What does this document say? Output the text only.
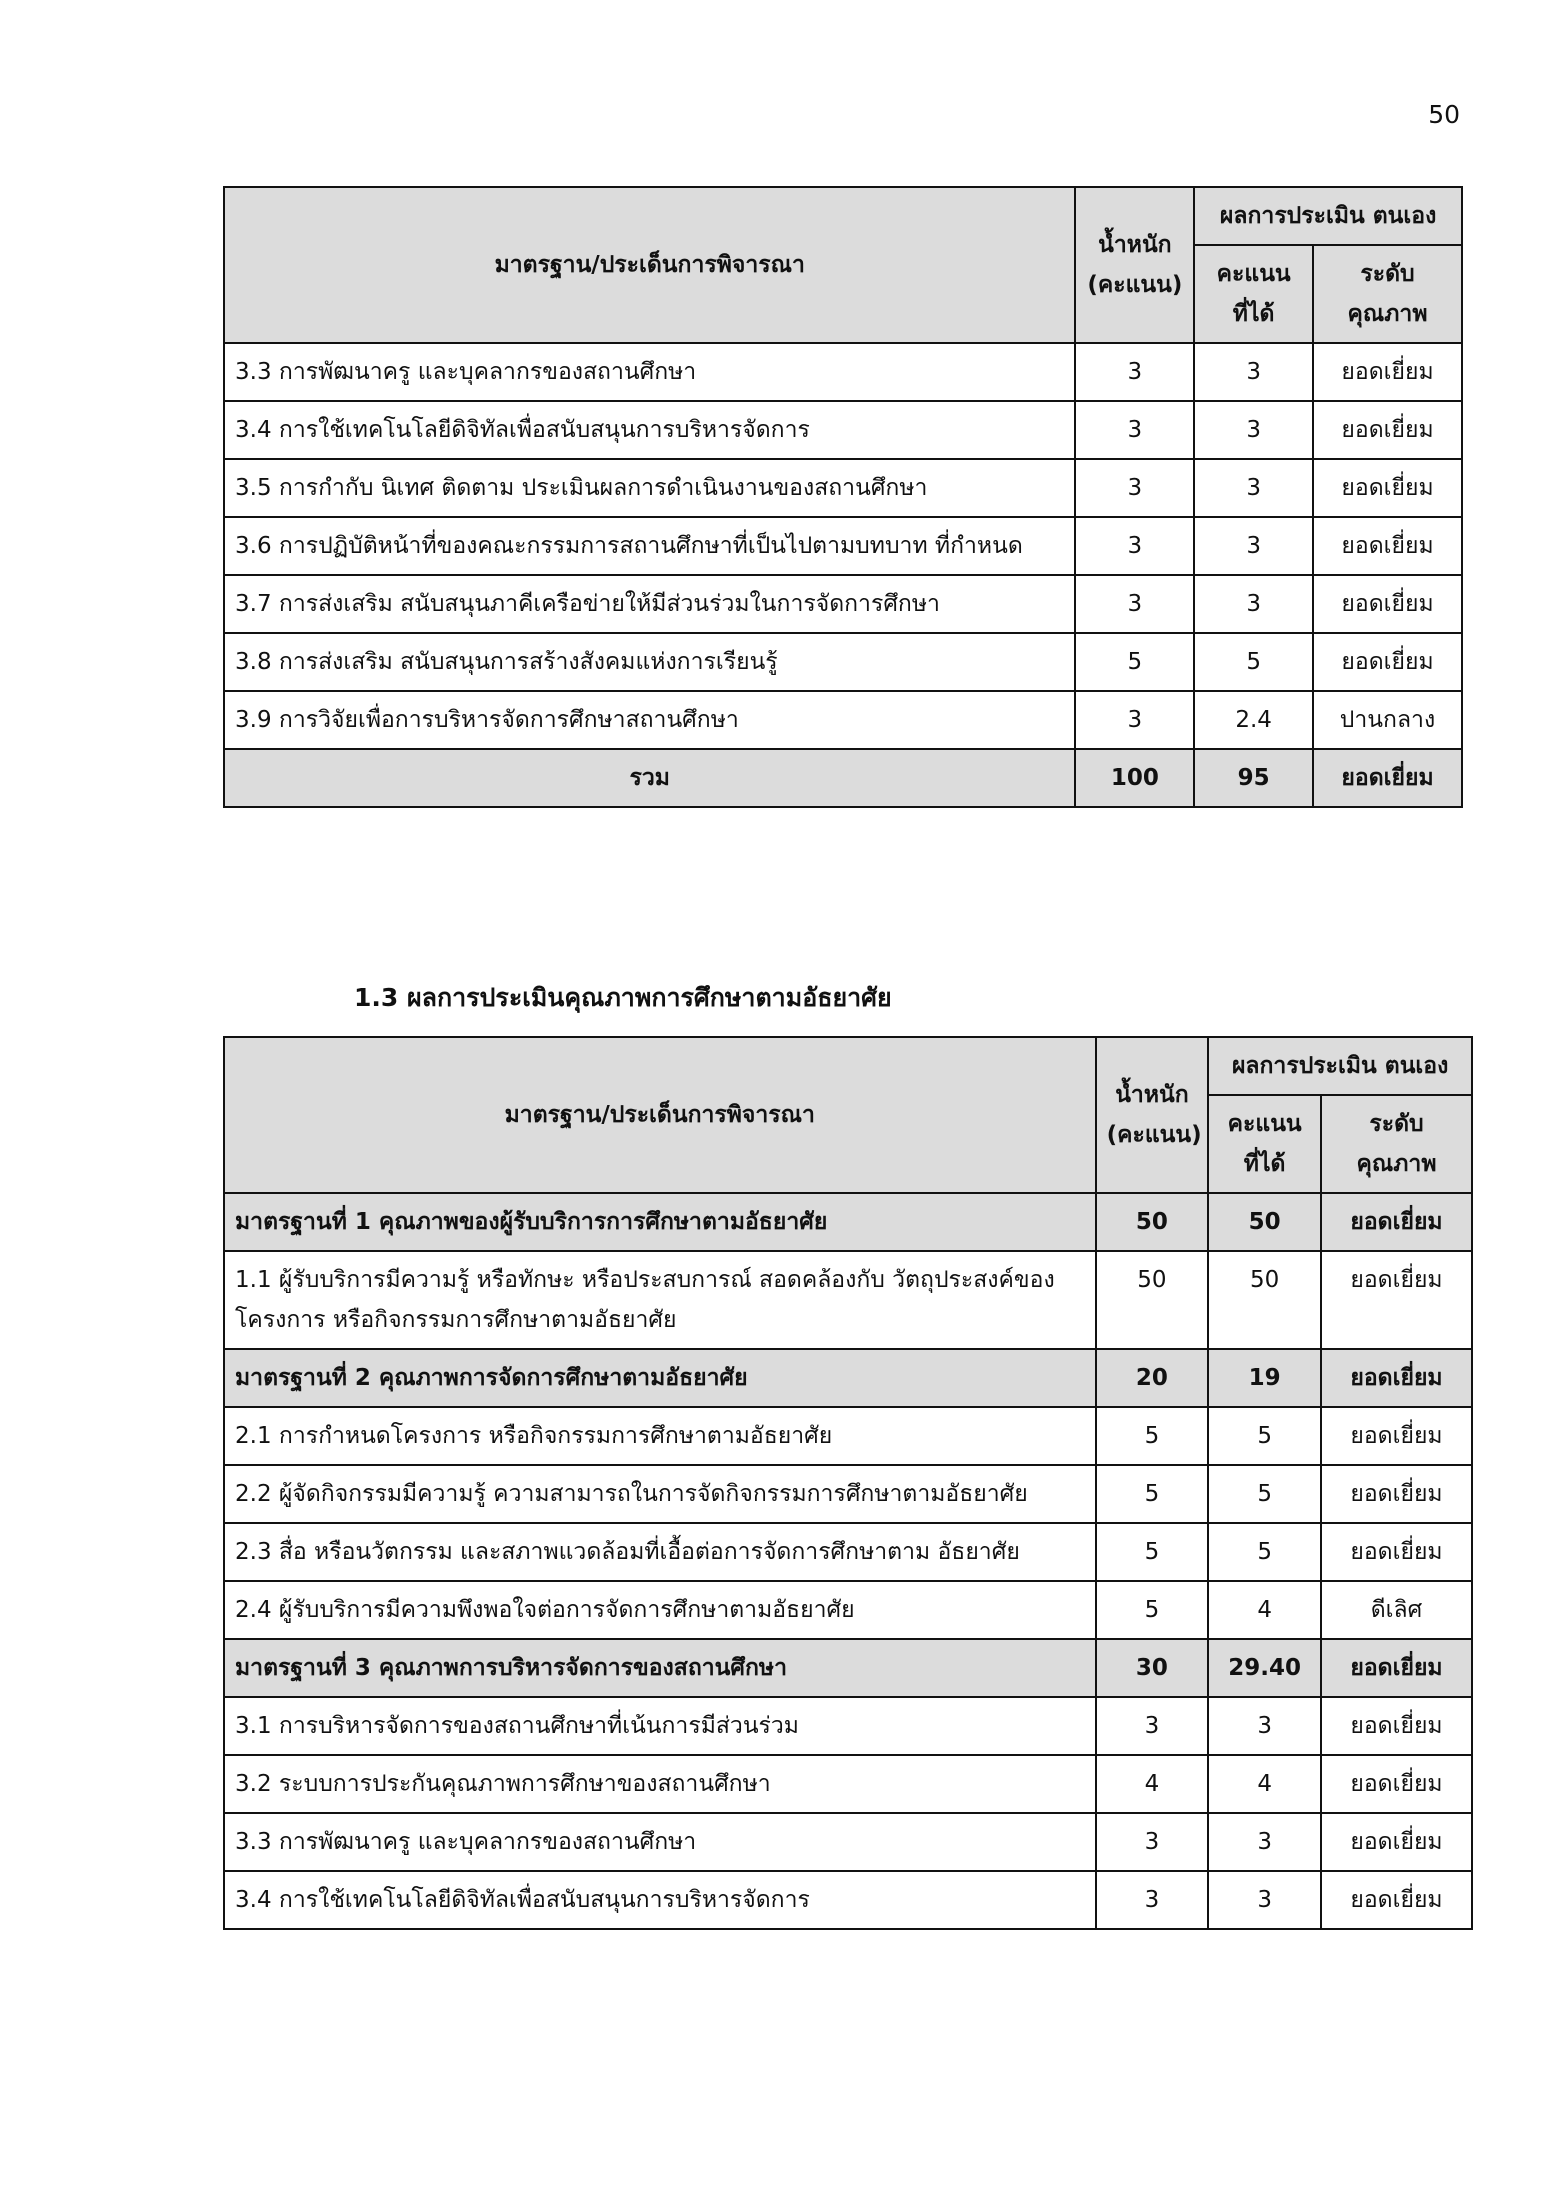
50
มาตรฐาน/ประเด็นการพิจารณา	น้ำหนัก (คะแนน)	ผลการประเมิน ตนเอง	
		คะแนน ที่ได้	ระดับ คุณภาพ
3.3 การพัฒนาครู และบุคลากรของสถานศึกษา	3	3	ยอดเยี่ยม
3.4 การใช้เทคโนโลยีดิจิทัลเพื่อสนับสนุนการบริหารจัดการ	3	3	ยอดเยี่ยม
3.5 การกำกับ นิเทศ ติดตาม ประเมินผลการดำเนินงานของสถานศึกษา	3	3	ยอดเยี่ยม
3.6 การปฏิบัติหน้าที่ของคณะกรรมการสถานศึกษาที่เป็นไปตามบทบาท ที่กำหนด	3	3	ยอดเยี่ยม
3.7 การส่งเสริม สนับสนุนภาคีเครือข่ายให้มีส่วนร่วมในการจัดการศึกษา	3	3	ยอดเยี่ยม
3.8 การส่งเสริม สนับสนุนการสร้างสังคมแห่งการเรียนรู้	5	5	ยอดเยี่ยม
3.9 การวิจัยเพื่อการบริหารจัดการศึกษาสถานศึกษา	3	2.4	ปานกลาง
รวม	100	95	ยอดเยี่ยม
1.3 ผลการประเมินคุณภาพการศึกษาตามอัธยาศัย
มาตรฐาน/ประเด็นการพิจารณา	น้ำหนัก (คะแนน)	ผลการประเมิน ตนเอง	
		คะแนน ที่ได้	ระดับ คุณภาพ
มาตรฐานที่ 1 คุณภาพของผู้รับบริการการศึกษาตามอัธยาศัย	50	50	ยอดเยี่ยม
1.1 ผู้รับบริการมีความรู้ หรือทักษะ หรือประสบการณ์ สอดคล้องกับ วัตถุประสงค์ของโครงการ หรือกิจกรรมการศึกษาตามอัธยาศัย	50	50	ยอดเยี่ยม
มาตรฐานที่ 2 คุณภาพการจัดการศึกษาตามอัธยาศัย	20	19	ยอดเยี่ยม
2.1 การกำหนดโครงการ หรือกิจกรรมการศึกษาตามอัธยาศัย	5	5	ยอดเยี่ยม
2.2 ผู้จัดกิจกรรมมีความรู้ ความสามารถในการจัดกิจกรรมการศึกษาตามอัธยาศัย	5	5	ยอดเยี่ยม
2.3 สื่อ หรือนวัตกรรม และสภาพแวดล้อมที่เอื้อต่อการจัดการศึกษาตาม อัธยาศัย	5	5	ยอดเยี่ยม
2.4 ผู้รับบริการมีความพึงพอใจต่อการจัดการศึกษาตามอัธยาศัย	5	4	ดีเลิศ
มาตรฐานที่ 3 คุณภาพการบริหารจัดการของสถานศึกษา	30	29.40	ยอดเยี่ยม
3.1 การบริหารจัดการของสถานศึกษาที่เน้นการมีส่วนร่วม	3	3	ยอดเยี่ยม
3.2 ระบบการประกันคุณภาพการศึกษาของสถานศึกษา	4	4	ยอดเยี่ยม
3.3 การพัฒนาครู และบุคลากรของสถานศึกษา	3	3	ยอดเยี่ยม
3.4 การใช้เทคโนโลยีดิจิทัลเพื่อสนับสนุนการบริหารจัดการ	3	3	ยอดเยี่ยม
